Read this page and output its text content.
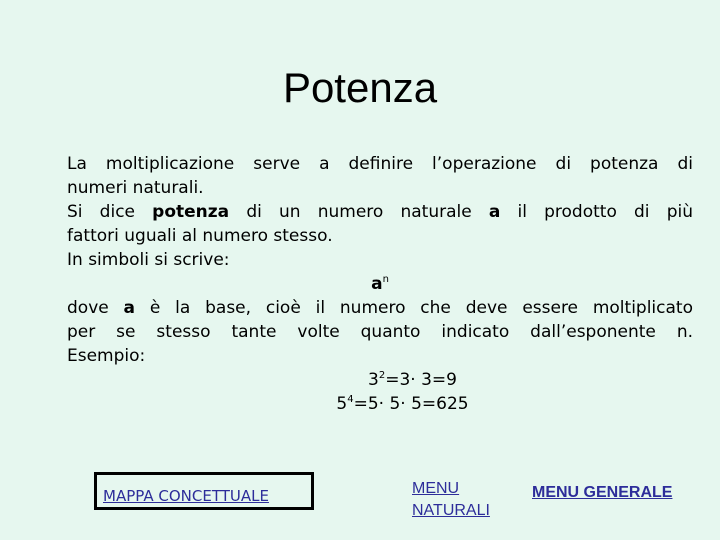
Potenza

La moltiplicazione serve a definire l’operazione di potenza di

numeri naturali.

Si dice potenza di un numero naturale a il prodotto di più

fattori uguali al numero stesso.

In simboli si scrive:

$a^n$

dove a è la base, cioè il numero che deve essere moltiplicato

per se stesso tante volte quanto indicato dall’esponente n.

Esempio:

$3^2=3\cdot 3=9$

$5^4=5\cdot 5\cdot 5=625$

MAPPA CONCETTUALE	MENU
NATURALI
MENU GENERALE
